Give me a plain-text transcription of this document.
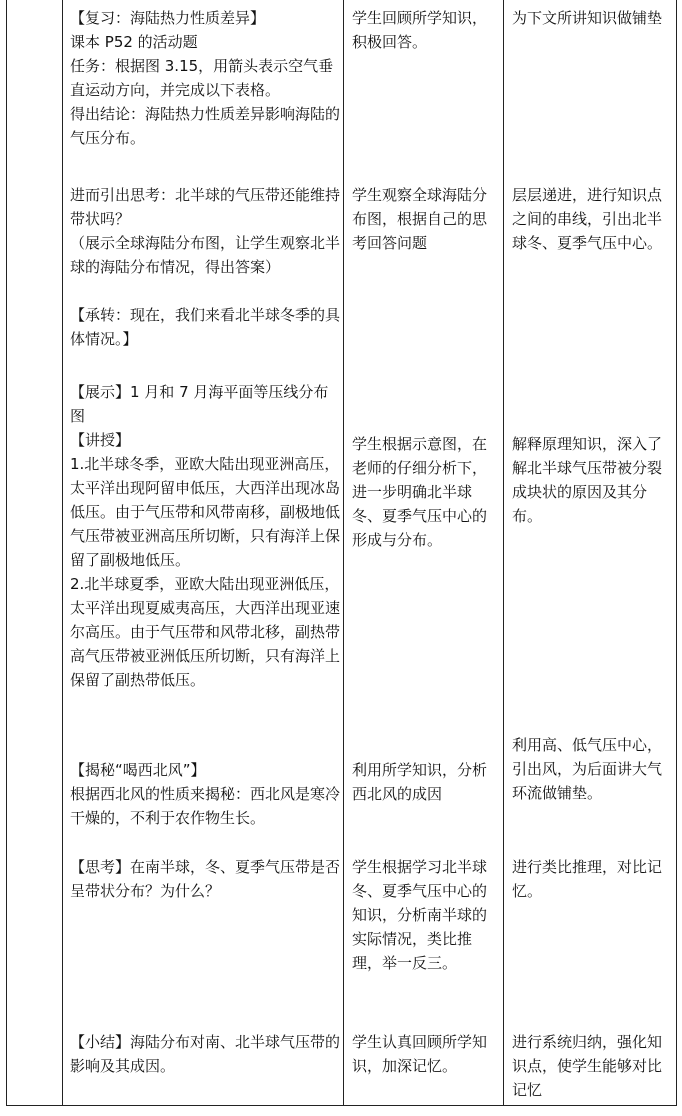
【复习：海陆热力性质差异】
课本 P52 的活动题
任务：根据图 3.15，用箭头表示空气垂直运动方向，并完成以下表格。
得出结论：海陆热力性质差异影响海陆的气压分布。
学生回顾所学知识，积极回答。
为下文所讲知识做铺垫
进而引出思考：北半球的气压带还能维持带状吗？
（展示全球海陆分布图，让学生观察北半球的海陆分布情况，得出答案）

【承转：现在，我们来看北半球冬季的具体情况。】
学生观察全球海陆分布图，根据自己的思考回答问题
层层递进，进行知识点之间的串线，引出北半球冬、夏季气压中心。
【展示】1 月和 7 月海平面等压线分布图
【讲授】
1.北半球冬季，亚欧大陆出现亚洲高压，太平洋出现阿留申低压，大西洋出现冰岛低压。由于气压带和风带南移，副极地低气压带被亚洲高压所切断，只有海洋上保留了副极地低压。
2.北半球夏季，亚欧大陆出现亚洲低压，太平洋出现夏威夷高压，大西洋出现亚速尔高压。由于气压带和风带北移，副热带高气压带被亚洲低压所切断，只有海洋上保留了副热带低压。
学生根据示意图，在老师的仔细分析下，进一步明确北半球冬、夏季气压中心的形成与分布。
解释原理知识，深入了解北半球气压带被分裂成块状的原因及其分布。
【揭秘“喝西北风”】
根据西北风的性质来揭秘：西北风是寒冷干燥的，不利于农作物生长。
利用所学知识，分析西北风的成因
利用高、低气压中心，引出风，为后面讲大气环流做铺垫。
【思考】在南半球，冬、夏季气压带是否呈带状分布？为什么？
学生根据学习北半球冬、夏季气压中心的知识，分析南半球的实际情况，类比推理，举一反三。
进行类比推理，对比记忆。
【小结】海陆分布对南、北半球气压带的影响及其成因。
学生认真回顾所学知识，加深记忆。
进行系统归纳，强化知识点，使学生能够对比记忆
